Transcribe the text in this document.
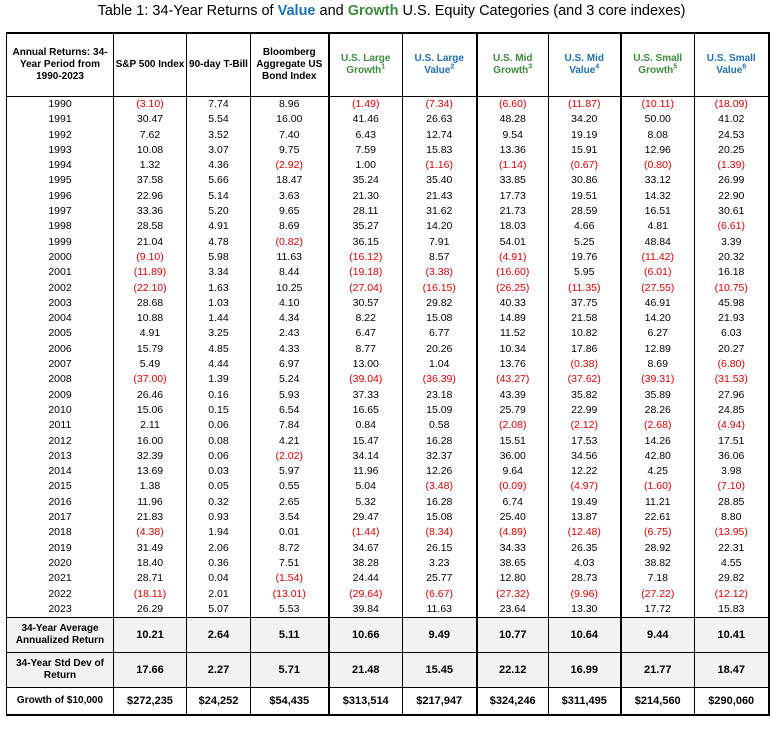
Table 1: 34-Year Returns of Value and Growth U.S. Equity Categories (and 3 core indexes)
Annual Returns: 34-Year Period from 1990-2023	S&P 500 Index	90-day T-Bill	Bloomberg Aggregate US Bond Index	U.S. Large Growth$^1$	U.S. Large Value$^2$	U.S. Mid Growth$^3$	U.S. Mid Value$^4$	U.S. Small Growth$^5$	U.S. Small Value$^6$
1990	(3.10)	7.74	8.96	(1.49)	(7.34)	(6.60)	(11.87)	(10.11)	(18.09)
1991	30.47	5.54	16.00	41.46	26.63	48.28	34.20	50.00	41.02
1992	7.62	3.52	7.40	6.43	12.74	9.54	19.19	8.08	24.53
1993	10.08	3.07	9.75	7.59	15.83	13.36	15.91	12.96	20.25
1994	1.32	4.36	(2.92)	1.00	(1.16)	(1.14)	(0.67)	(0.80)	(1.39)
1995	37.58	5.66	18.47	35.24	35.40	33.85	30.86	33.12	26.99
1996	22.96	5.14	3.63	21.30	21.43	17.73	19.51	14.32	22.90
1997	33.36	5.20	9.65	28.11	31.62	21.73	28.59	16.51	30.61
1998	28.58	4.91	8.69	35.27	14.20	18.03	4.66	4.81	(6.61)
1999	21.04	4.78	(0.82)	36.15	7.91	54.01	5.25	48.84	3.39
2000	(9.10)	5.98	11.63	(16.12)	8.57	(4.91)	19.76	(11.42)	20.32
2001	(11.89)	3.34	8.44	(19.18)	(3.38)	(16.60)	5.95	(6.01)	16.18
2002	(22.10)	1.63	10.25	(27.04)	(16.15)	(26.25)	(11.35)	(27.55)	(10.75)
2003	28.68	1.03	4.10	30.57	29.82	40.33	37.75	46.91	45.98
2004	10.88	1.44	4.34	8.22	15.08	14.89	21.58	14.20	21.93
2005	4.91	3.25	2.43	6.47	6.77	11.52	10.82	6.27	6.03
2006	15.79	4.85	4.33	8.77	20.26	10.34	17.86	12.89	20.27
2007	5.49	4.44	6.97	13.00	1.04	13.76	(0.38)	8.69	(6.80)
2008	(37.00)	1.39	5.24	(39.04)	(36.39)	(43.27)	(37.62)	(39.31)	(31.53)
2009	26.46	0.16	5.93	37.33	23.18	43.39	35.82	35.89	27.96
2010	15.06	0.15	6.54	16.65	15.09	25.79	22.99	28.26	24.85
2011	2.11	0.06	7.84	0.84	0.58	(2.08)	(2.12)	(2.68)	(4.94)
2012	16.00	0.08	4.21	15.47	16.28	15.51	17.53	14.26	17.51
2013	32.39	0.06	(2.02)	34.14	32.37	36.00	34.56	42.80	36.06
2014	13.69	0.03	5.97	11.96	12.26	9.64	12.22	4.25	3.98
2015	1.38	0.05	0.55	5.04	(3.48)	(0.09)	(4.97)	(1.60)	(7.10)
2016	11.96	0.32	2.65	5.32	16.28	6.74	19.49	11.21	28.85
2017	21.83	0.93	3.54	29.47	15.08	25.40	13.87	22.61	8.80
2018	(4.38)	1.94	0.01	(1.44)	(8.34)	(4.89)	(12.48)	(6.75)	(13.95)
2019	31.49	2.06	8.72	34.67	26.15	34.33	26.35	28.92	22.31
2020	18.40	0.36	7.51	38.28	3.23	38.65	4.03	38.82	4.55
2021	28.71	0.04	(1.54)	24.44	25.77	12.80	28.73	7.18	29.82
2022	(18.11)	2.01	(13.01)	(29.64)	(6.67)	(27.32)	(9.96)	(27.22)	(12.12)
2023	26.29	5.07	5.53	39.84	11.63	23.64	13.30	17.72	15.83
34-Year Average Annualized Return	10.21	2.64	5.11	10.66	9.49	10.77	10.64	9.44	10.41
34-Year Std Dev of Return	17.66	2.27	5.71	21.48	15.45	22.12	16.99	21.77	18.47
Growth of $10,000	$272,235	$24,252	$54,435	$313,514	$217,947	$324,246	$311,495	$214,560	$290,060
